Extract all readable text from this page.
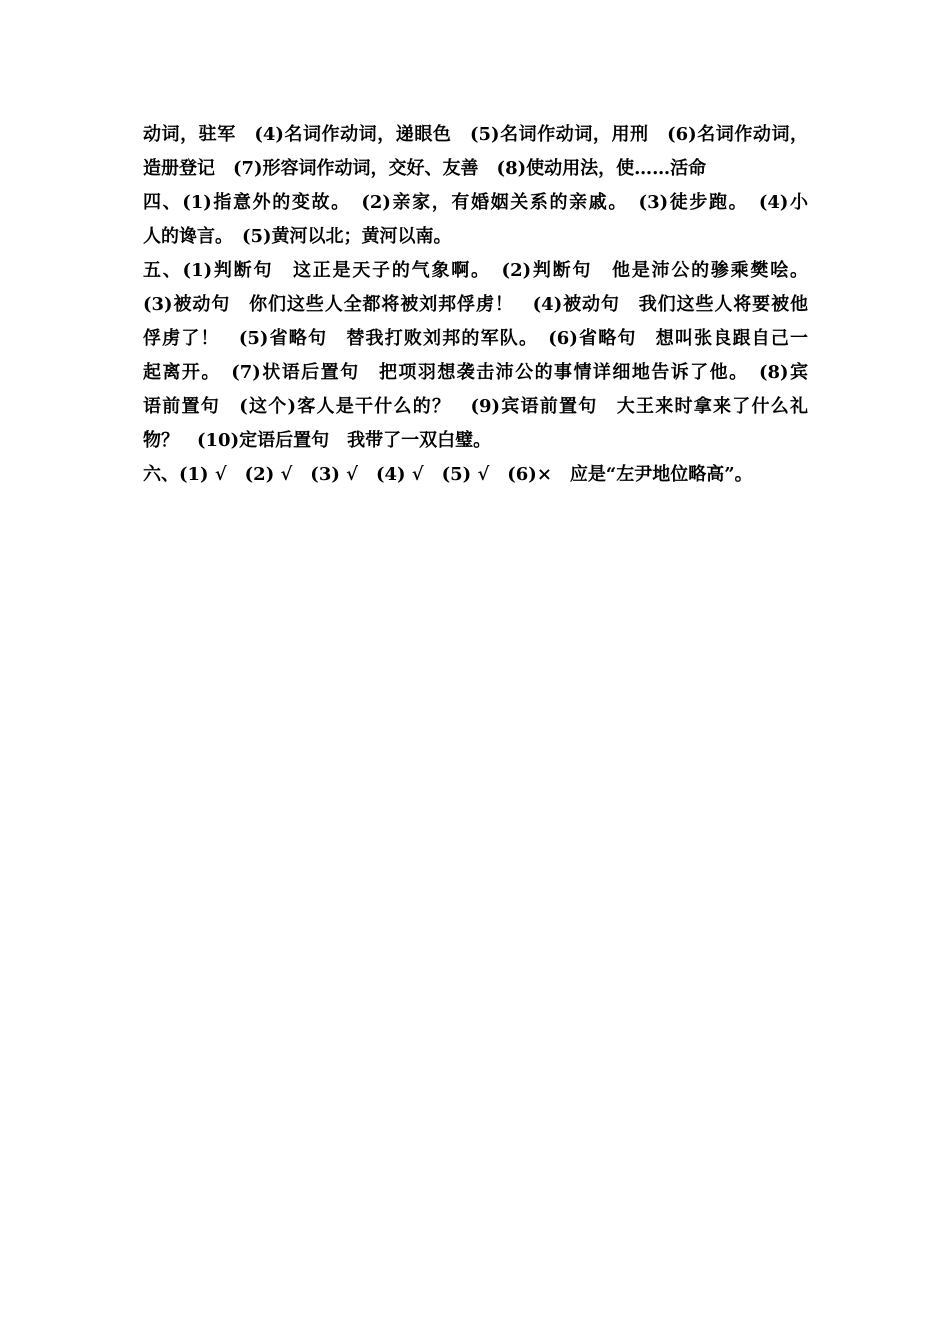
动词，驻军　(4)名词作动词，递眼色　(5)名词作动词，用刑　(6)名词作动词，
造册登记　(7)形容词作动词，交好、友善　(8)使动用法，使……活命
四、(1)指意外的变故。　(2)亲家，有婚姻关系的亲戚。　(3)徒步跑。　(4)小
人的谗言。　(5)黄河以北；黄河以南。
五、(1)判断句　这正是天子的气象啊。　(2)判断句　他是沛公的骖乘樊哙。
(3)被动句　你们这些人全都将被刘邦俘虏！　(4)被动句　我们这些人将要被他
俘虏了！　(5)省略句　替我打败刘邦的军队。　(6)省略句　想叫张良跟自己一
起离开。　(7)状语后置句　把项羽想袭击沛公的事情详细地告诉了他。　(8)宾
语前置句　(这个)客人是干什么的？　(9)宾语前置句　大王来时拿来了什么礼
物？　(10)定语后置句　我带了一双白璧。
六、(1) √　(2) √　(3) √　(4) √　(5) √　(6)×　应是“左尹地位略高”。
